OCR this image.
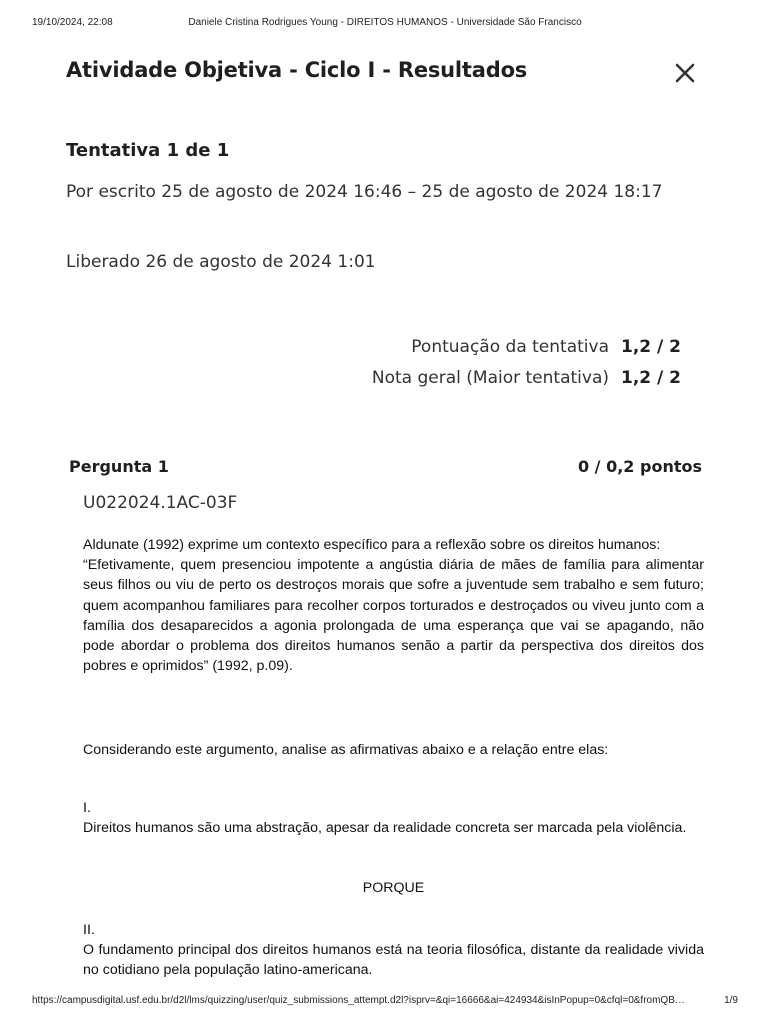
19/10/2024, 22:08	Daniele Cristina Rodrigues Young - DIREITOS HUMANOS - Universidade São Francisco
Atividade Objetiva - Ciclo I - Resultados
Tentativa 1 de 1
Por escrito 25 de agosto de 2024 16:46 – 25 de agosto de 2024 18:17
Liberado 26 de agosto de 2024 1:01
Pontuação da tentativa 1,2 / 2
Nota geral (Maior tentativa) 1,2 / 2
Pergunta 1	0 / 0,2 pontos
U022024.1AC-03F
Aldunate (1992) exprime um contexto específico para a reflexão sobre os direitos humanos:
“Efetivamente, quem presenciou impotente a angústia diária de mães de família para alimentar seus filhos ou viu de perto os destroços morais que sofre a juventude sem trabalho e sem futuro; quem acompanhou familiares para recolher corpos torturados e destroçados ou viveu junto com a família dos desaparecidos a agonia prolongada de uma esperança que vai se apagando, não pode abordar o problema dos direitos humanos senão a partir da perspectiva dos direitos dos pobres e oprimidos” (1992, p.09).
Considerando este argumento, analise as afirmativas abaixo e a relação entre elas:
I.
Direitos humanos são uma abstração, apesar da realidade concreta ser marcada pela violência.
PORQUE
II.
O fundamento principal dos direitos humanos está na teoria filosófica, distante da realidade vivida no cotidiano pela população latino-americana.
https://campusdigital.usf.edu.br/d2l/lms/quizzing/user/quiz_submissions_attempt.d2l?isprv=&qi=16666&ai=424934&isInPopup=0&cfql=0&fromQB…	1/9
